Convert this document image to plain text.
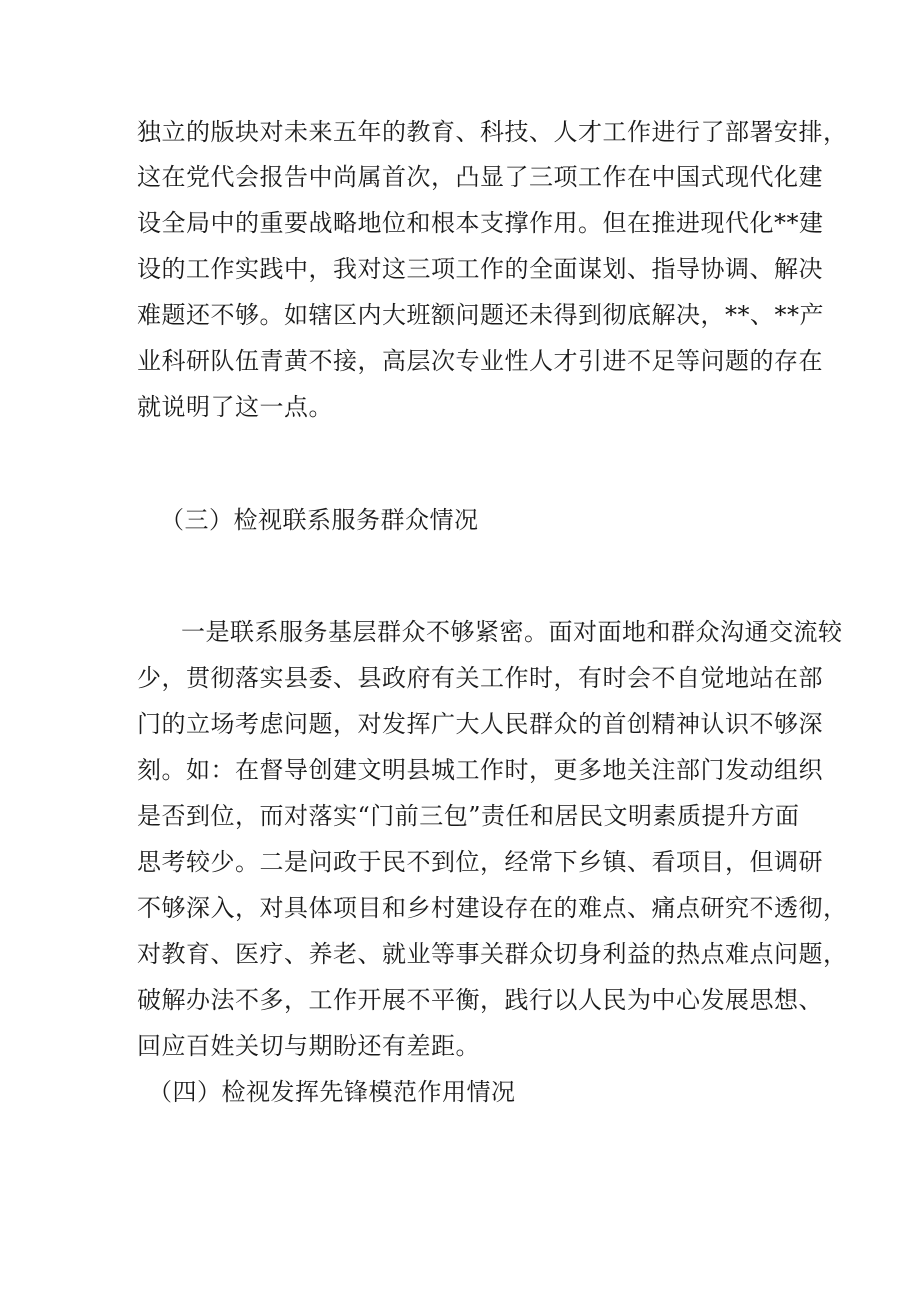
独立的版块对未来五年的教育、科技、人才工作进行了部署安排，
这在党代会报告中尚属首次，凸显了三项工作在中国式现代化建
设全局中的重要战略地位和根本支撑作用。但在推进现代化**建
设的工作实践中，我对这三项工作的全面谋划、指导协调、解决
难题还不够。如辖区内大班额问题还未得到彻底解决，**、**产
业科研队伍青黄不接，高层次专业性人才引进不足等问题的存在
就说明了这一点。
（三）检视联系服务群众情况
一是联系服务基层群众不够紧密。面对面地和群众沟通交流较
少，贯彻落实县委、县政府有关工作时，有时会不自觉地站在部
门的立场考虑问题，对发挥广大人民群众的首创精神认识不够深
刻。如：在督导创建文明县城工作时，更多地关注部门发动组织
是否到位，而对落实“门前三包”责任和居民文明素质提升方面
思考较少。二是问政于民不到位，经常下乡镇、看项目，但调研
不够深入，对具体项目和乡村建设存在的难点、痛点研究不透彻，
对教育、医疗、养老、就业等事关群众切身利益的热点难点问题，
破解办法不多，工作开展不平衡，践行以人民为中心发展思想、
回应百姓关切与期盼还有差距。
（四）检视发挥先锋模范作用情况
